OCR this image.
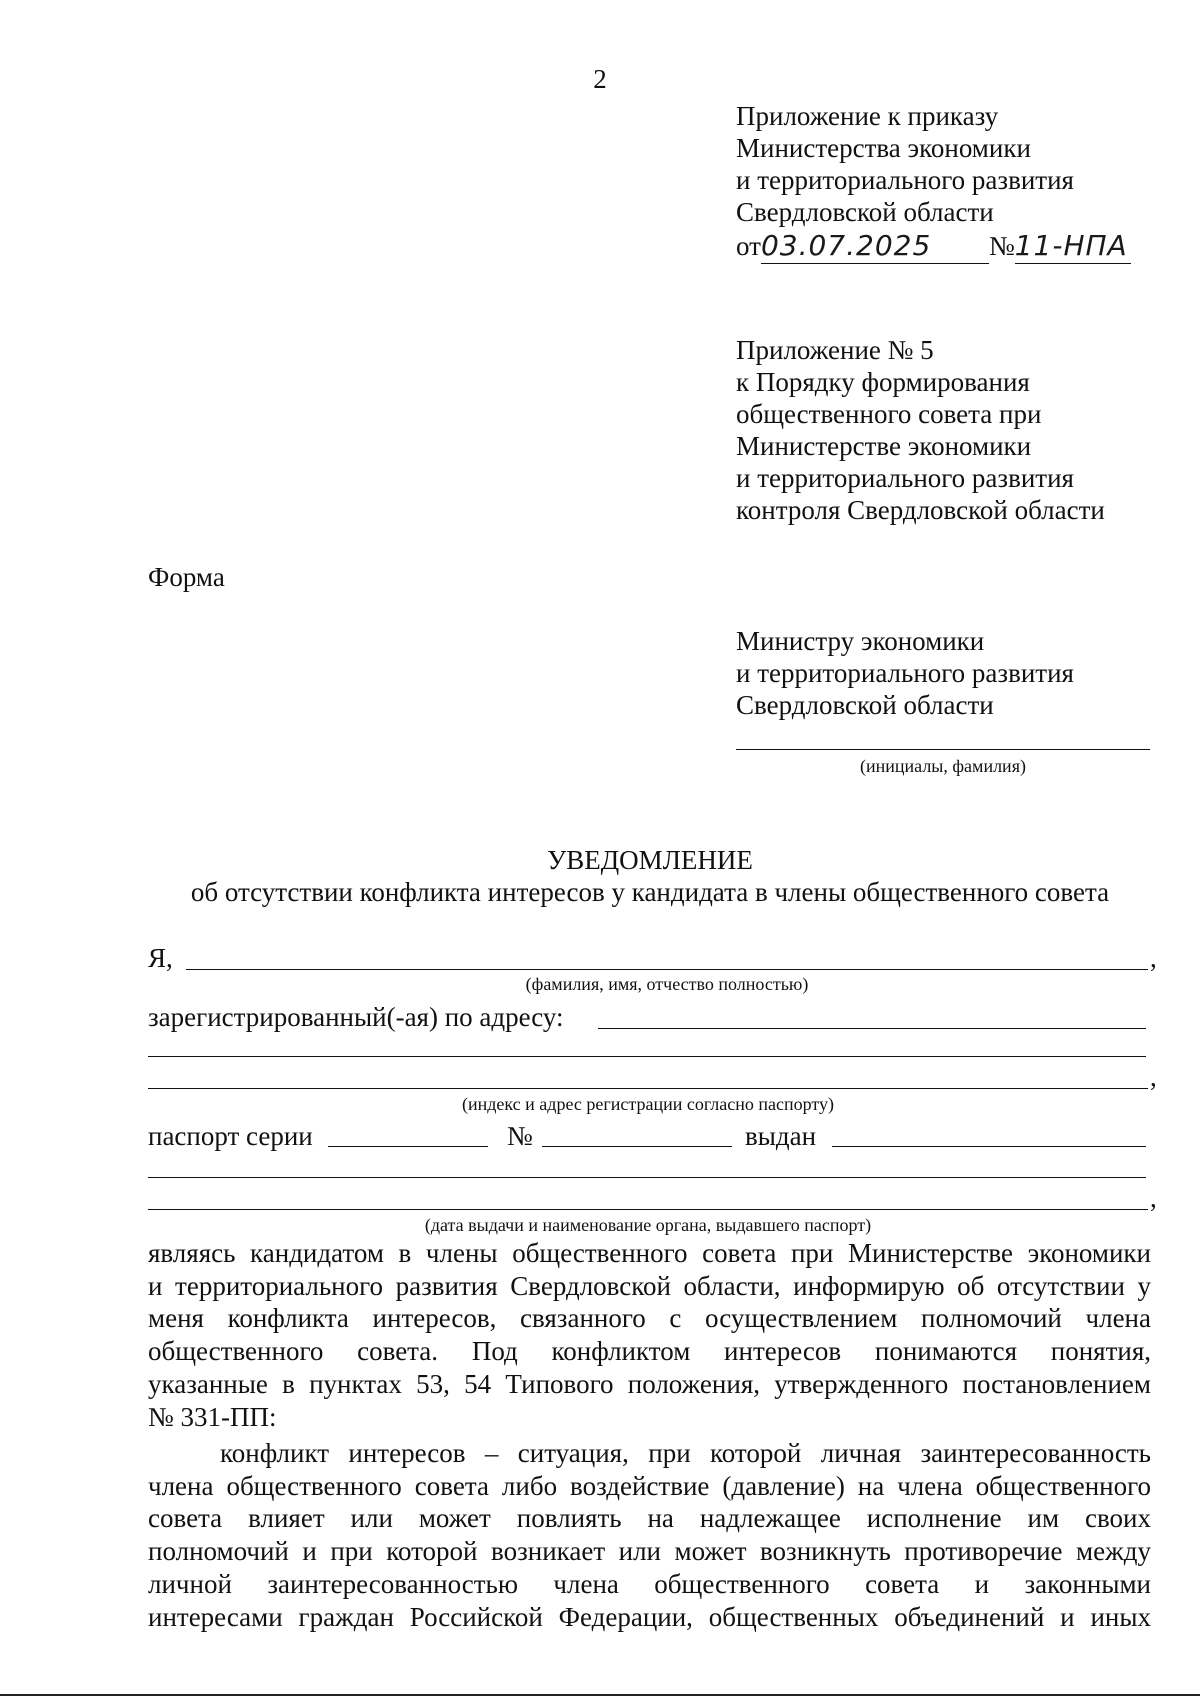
2
Приложение к приказу
Министерства экономики
и территориального развития
Свердловской области
от03.07.2025 №11-НПА
Приложение № 5
к Порядку формирования
общественного совета при
Министерстве экономики
и территориального развития
контроля Свердловской области
Форма
Министру экономики
и территориального развития
Свердловской области
(инициалы, фамилия)
УВЕДОМЛЕНИЕ
об отсутствии конфликта интересов у кандидата в члены общественного совета
Я,	,
(фамилия, имя, отчество полностью)
зарегистрированный(-ая) по адресу:
,
(индекс и адрес регистрации согласно паспорту)
паспорт серии	№	выдан
,
(дата выдачи и наименование органа, выдавшего паспорт)
являясь кандидатом в члены общественного совета при Министерстве экономики
и территориального развития Свердловской области, информирую об отсутствии у
меня конфликта интересов, связанного с осуществлением полномочий члена
общественного совета. Под конфликтом интересов понимаются понятия,
указанные в пунктах 53, 54 Типового положения, утвержденного постановлением
№ 331-ПП:
конфликт интересов – ситуация, при которой личная заинтересованность
члена общественного совета либо воздействие (давление) на члена общественного
совета влияет или может повлиять на надлежащее исполнение им своих
полномочий и при которой возникает или может возникнуть противоречие между
личной заинтересованностью члена общественного совета и законными
интересами граждан Российской Федерации, общественных объединений и иных
